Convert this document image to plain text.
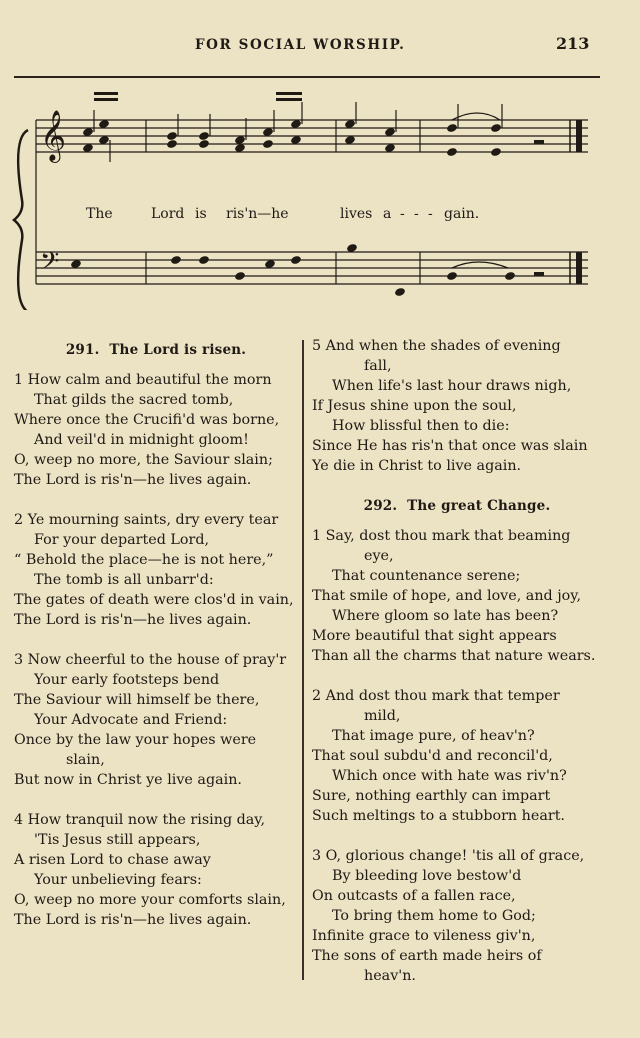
FOR SOCIAL WORSHIP.	213
𝄞
𝄢
The	Lord is ris'n—he	lives a - - - gain.
291. The Lord is risen.
1 How calm and beautiful the morn
That gilds the sacred tomb,
Where once the Crucifi'd was borne,
And veil'd in midnight gloom!
O, weep no more, the Saviour slain;
The Lord is ris'n—he lives again.
2 Ye mourning saints, dry every tear
For your departed Lord,
“ Behold the place—he is not here,”
The tomb is all unbarr'd:
The gates of death were clos'd in vain,
The Lord is ris'n—he lives again.
3 Now cheerful to the house of pray'r
Your early footsteps bend
The Saviour will himself be there,
Your Advocate and Friend:
Once by the law your hopes were
slain,
But now in Christ ye live again.
4 How tranquil now the rising day,
'Tis Jesus still appears,
A risen Lord to chase away
Your unbelieving fears:
O, weep no more your comforts slain,
The Lord is ris'n—he lives again.
5 And when the shades of evening
fall,
When life's last hour draws nigh,
If Jesus shine upon the soul,
How blissful then to die:
Since He has ris'n that once was slain
Ye die in Christ to live again.
292. The great Change.
1 Say, dost thou mark that beaming
eye,
That countenance serene;
That smile of hope, and love, and joy,
Where gloom so late has been?
More beautiful that sight appears
Than all the charms that nature wears.
2 And dost thou mark that temper
mild,
That image pure, of heav'n?
That soul subdu'd and reconcil'd,
Which once with hate was riv'n?
Sure, nothing earthly can impart
Such meltings to a stubborn heart.
3 O, glorious change! 'tis all of grace,
By bleeding love bestow'd
On outcasts of a fallen race,
To bring them home to God;
Infinite grace to vileness giv'n,
The sons of earth made heirs of
heav'n.
